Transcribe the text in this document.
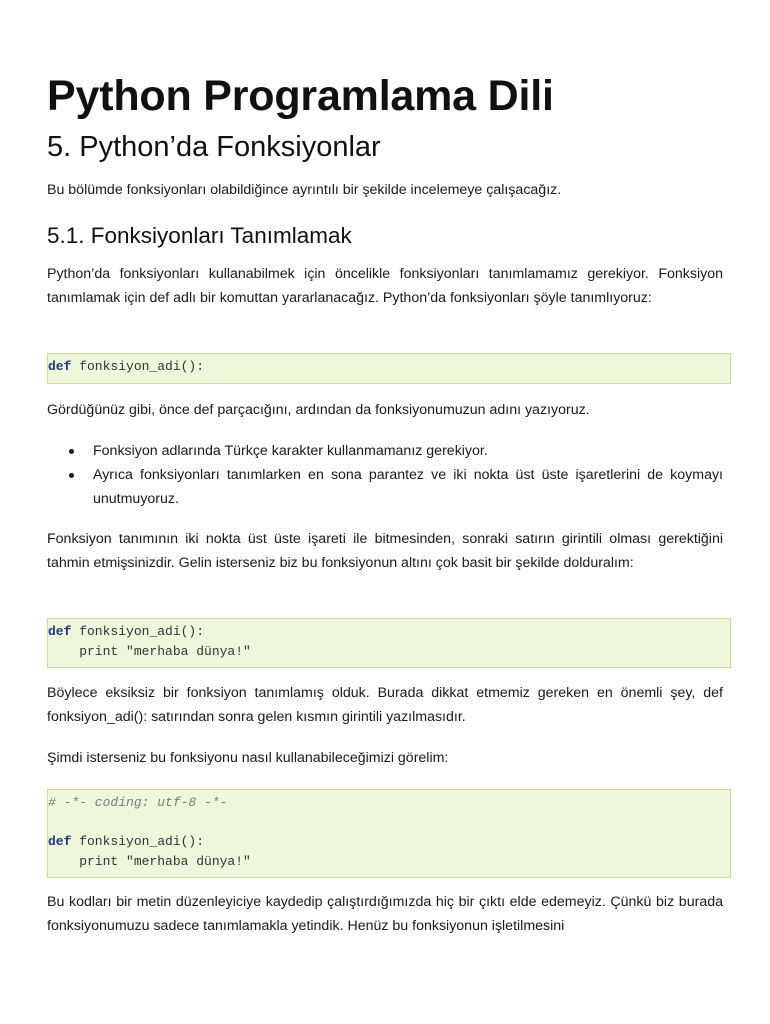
Python Programlama Dili
5. Python’da Fonksiyonlar

Bu bölümde fonksiyonları olabildiğince ayrıntılı bir şekilde incelemeye çalışacağız.

5.1. Fonksiyonları Tanımlamak

Python’da fonksiyonları kullanabilmek için öncelikle fonksiyonları tanımlamamız gerekiyor. Fonksiyon tanımlamak için def adlı bir komuttan yararlanacağız. Python’da fonksiyonları şöyle tanımlıyoruz:

def fonksiyon_adi():

Gördüğünüz gibi, önce def parçacığını, ardından da fonksiyonumuzun adını yazıyoruz.

Fonksiyon adlarında Türkçe karakter kullanmamanız gerekiyor.
Ayrıca fonksiyonları tanımlarken en sona parantez ve iki nokta üst üste işaretlerini de koymayı unutmuyoruz.

Fonksiyon tanımının iki nokta üst üste işareti ile bitmesinden, sonraki satırın girintili olması gerektiğini tahmin etmişsinizdir. Gelin isterseniz biz bu fonksiyonun altını çok basit bir şekilde dolduralım:

def fonksiyon_adi():
print "merhaba dünya!"

Böylece eksiksiz bir fonksiyon tanımlamış olduk. Burada dikkat etmemiz gereken en önemli şey, def fonksiyon_adi(): satırından sonra gelen kısmın girintili yazılmasıdır.

Şimdi isterseniz bu fonksiyonu nasıl kullanabileceğimizi görelim:

# -*- coding: utf-8 -*-
def fonksiyon_adi():
print "merhaba dünya!"

Bu kodları bir metin düzenleyiciye kaydedip çalıştırdığımızda hiç bir çıktı elde edemeyiz. Çünkü biz burada fonksiyonumuzu sadece tanımlamakla yetindik. Henüz bu fonksiyonun işletilmesini
